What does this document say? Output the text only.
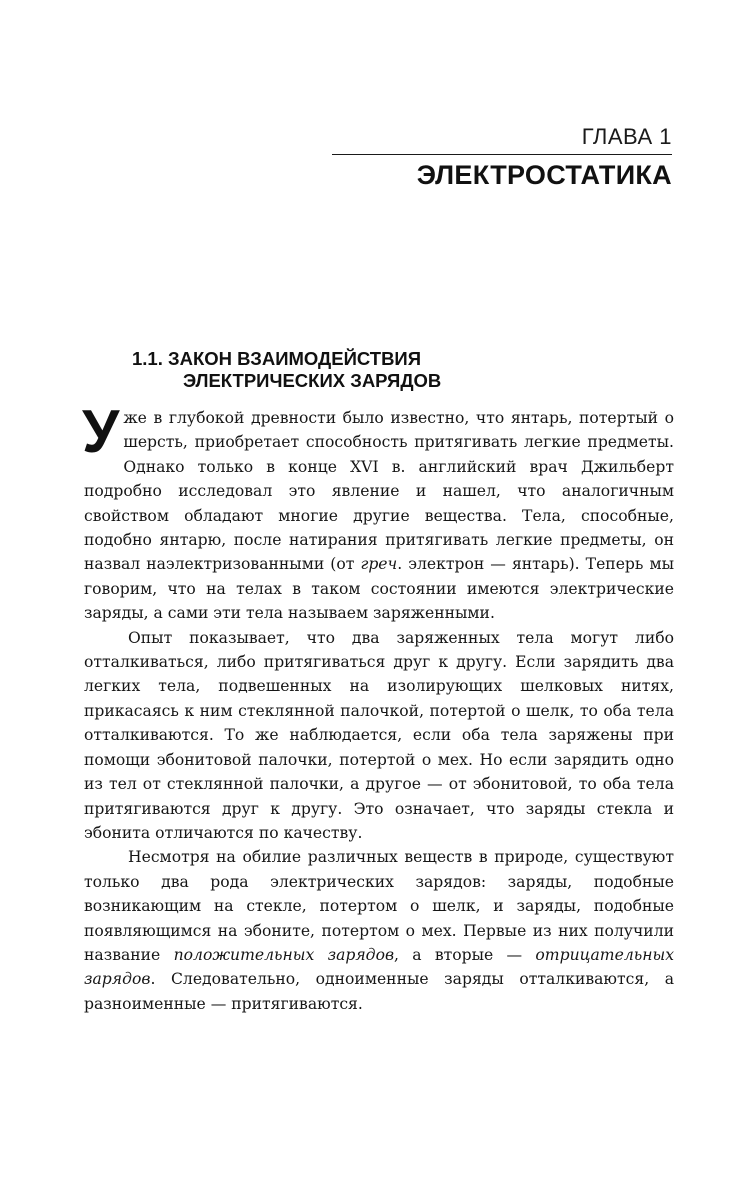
ГЛАВА 1
ЭЛЕКТРОСТАТИКА
1.1. ЗАКОН ВЗАИМОДЕЙСТВИЯ
ЭЛЕКТРИЧЕСКИХ ЗАРЯДОВ

Уже в глубокой древности было известно, что янтарь, потертый о шерсть, приобретает способность притягивать легкие предметы. Однако только в конце XVI в. английский врач Джильберт подробно исследовал это явление и нашел, что аналогичным свойством обладают многие другие вещества. Тела, способные, подобно янтарю, после натирания притягивать легкие предметы, он назвал наэлектризованными (от греч. электрон — янтарь). Теперь мы говорим, что на телах в таком состоянии имеются электрические заряды, а сами эти тела называем заряженными.

Опыт показывает, что два заряженных тела могут либо отталкиваться, либо притягиваться друг к другу. Если зарядить два легких тела, подвешенных на изолирующих шелковых нитях, прикасаясь к ним стеклянной палочкой, потертой о шелк, то оба тела отталкиваются. То же наблюдается, если оба тела заряжены при помощи эбонитовой палочки, потертой о мех. Но если зарядить одно из тел от стеклянной палочки, а другое — от эбонитовой, то оба тела притягиваются друг к другу. Это означает, что заряды стекла и эбонита отличаются по качеству.

Несмотря на обилие различных веществ в природе, существуют только два рода электрических зарядов: заряды, подобные возникающим на стекле, потертом о шелк, и заряды, подобные появляющимся на эбоните, потертом о мех. Первые из них получили название положительных зарядов, а вторые — отрицательных зарядов. Следовательно, одноименные заряды отталкиваются, а разноименные — притягиваются.
